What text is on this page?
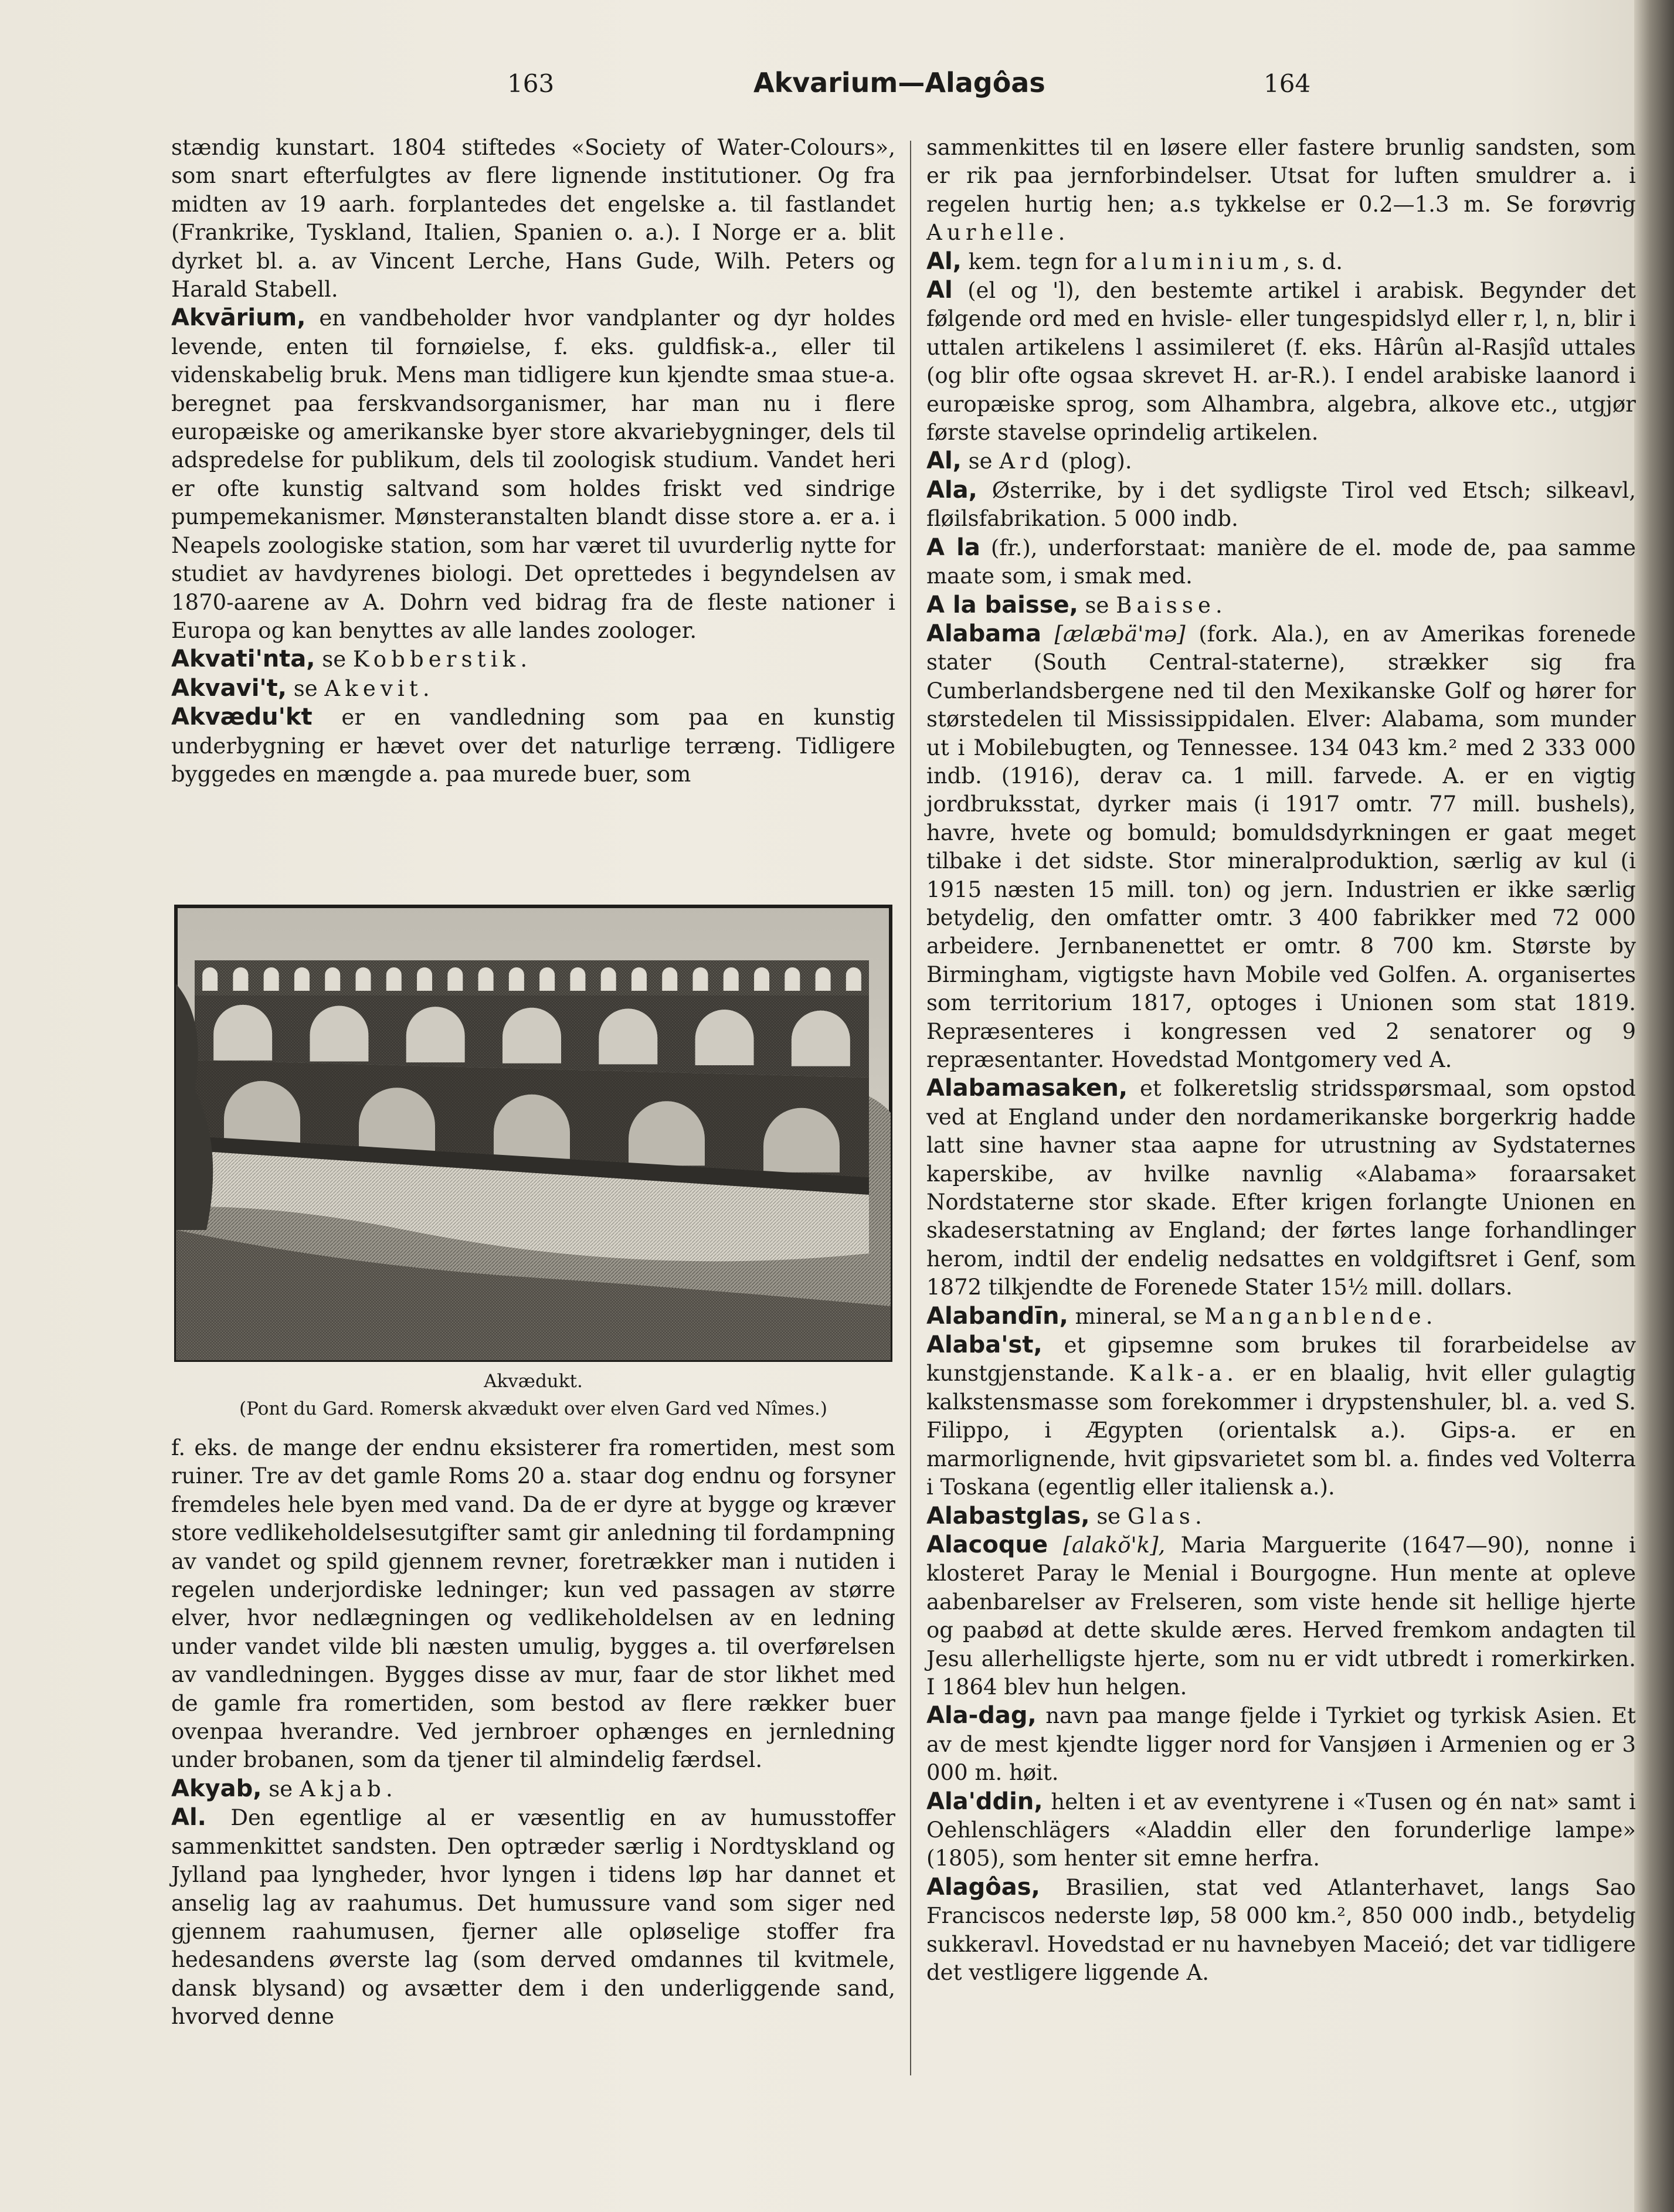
163	Akvarium—Alagôas	164

stændig kunstart. 1804 stiftedes «Society of Water-Colours», som snart efterfulgtes av flere lignende institutioner. Og fra midten av 19 aarh. forplantedes det engelske a. til fastlandet (Frankrike, Tyskland, Italien, Spanien o. a.). I Norge er a. blit dyrket bl. a. av Vincent Lerche, Hans Gude, Wilh. Peters og Harald Stabell.

Akvārium, en vandbeholder hvor vandplanter og dyr holdes levende, enten til fornøielse, f. eks. guldfisk-a., eller til videnskabelig bruk. Mens man tidligere kun kjendte smaa stue-a. beregnet paa ferskvandsorganismer, har man nu i flere europæiske og amerikanske byer store akvariebygninger, dels til adspredelse for publikum, dels til zoologisk studium. Vandet heri er ofte kunstig saltvand som holdes friskt ved sindrige pumpemekanismer. Mønsteranstalten blandt disse store a. er a. i Neapels zoologiske station, som har været til uvurderlig nytte for studiet av havdyrenes biologi. Det oprettedes i begyndelsen av 1870-aarene av A. Dohrn ved bidrag fra de fleste nationer i Europa og kan benyttes av alle landes zoologer.

Akvati'nta, se Kobberstik.

Akvavi't, se Akevit.

Akvædu'kt er en vandledning som paa en kunstig underbygning er hævet over det naturlige terræng. Tidligere byggedes en mængde a. paa murede buer, som

Akvædukt.
(Pont du Gard. Romersk akvædukt over elven Gard ved Nîmes.)

f. eks. de mange der endnu eksisterer fra romertiden, mest som ruiner. Tre av det gamle Roms 20 a. staar dog endnu og forsyner fremdeles hele byen med vand. Da de er dyre at bygge og kræver store vedlikeholdelsesutgifter samt gir anledning til fordampning av vandet og spild gjennem revner, foretrækker man i nutiden i regelen underjordiske ledninger; kun ved passagen av større elver, hvor nedlægningen og vedlikeholdelsen av en ledning under vandet vilde bli næsten umulig, bygges a. til overførelsen av vandledningen. Bygges disse av mur, faar de stor likhet med de gamle fra romertiden, som bestod av flere rækker buer ovenpaa hverandre. Ved jernbroer ophænges en jernledning under brobanen, som da tjener til almindelig færdsel.

Akyab, se Akjab.

Al. Den egentlige al er væsentlig en av humusstoffer sammenkittet sandsten. Den optræder særlig i Nordtyskland og Jylland paa lyngheder, hvor lyngen i tidens løp har dannet et anselig lag av raahumus. Det humussure vand som siger ned gjennem raahumusen, fjerner alle opløselige stoffer fra hedesandens øverste lag (som derved omdannes til kvitmele, dansk blysand) og avsætter dem i den underliggende sand, hvorved denne

sammenkittes til en løsere eller fastere brunlig sandsten, som er rik paa jernforbindelser. Utsat for luften smuldrer a. i regelen hurtig hen; a.s tykkelse er 0.2—1.3 m. Se forøvrig Aurhelle.

Al, kem. tegn for aluminium, s. d.

Al (el og 'l), den bestemte artikel i arabisk. Begynder det følgende ord med en hvisle- eller tungespidslyd eller r, l, n, blir i uttalen artikelens l assimileret (f. eks. Hârûn al-Rasjîd uttales (og blir ofte ogsaa skrevet H. ar-R.). I endel arabiske laanord i europæiske sprog, som Alhambra, algebra, alkove etc., utgjør første stavelse oprindelig artikelen.

Al, se Ard (plog).

Ala, Østerrike, by i det sydligste Tirol ved Etsch; silkeavl, fløilsfabrikation. 5 000 indb.

A la (fr.), underforstaat: manière de el. mode de, paa samme maate som, i smak med.

A la baisse, se Baisse.

Alabama [ælæbä'mə] (fork. Ala.), en av Amerikas forenede stater (South Central-staterne), strækker sig fra Cumberlandsbergene ned til den Mexikanske Golf og hører for størstedelen til Mississippidalen. Elver: Alabama, som munder ut i Mobilebugten, og Tennessee. 134 043 km.² med 2 333 000 indb. (1916), derav ca. 1 mill. farvede. A. er en vigtig jordbruksstat, dyrker mais (i 1917 omtr. 77 mill. bushels), havre, hvete og bomuld; bomuldsdyrkningen er gaat meget tilbake i det sidste. Stor mineralproduktion, særlig av kul (i 1915 næsten 15 mill. ton) og jern. Industrien er ikke særlig betydelig, den omfatter omtr. 3 400 fabrikker med 72 000 arbeidere. Jernbanenettet er omtr. 8 700 km. Største by Birmingham, vigtigste havn Mobile ved Golfen. A. organisertes som territorium 1817, optoges i Unionen som stat 1819. Repræsenteres i kongressen ved 2 senatorer og 9 repræsentanter. Hovedstad Montgomery ved A.

Alabamasaken, et folkeretslig stridsspørsmaal, som opstod ved at England under den nordamerikanske borgerkrig hadde latt sine havner staa aapne for utrustning av Sydstaternes kaperskibe, av hvilke navnlig «Alabama» foraarsaket Nordstaterne stor skade. Efter krigen forlangte Unionen en skadeserstatning av England; der førtes lange forhandlinger herom, indtil der endelig nedsattes en voldgiftsret i Genf, som 1872 tilkjendte de Forenede Stater 15½ mill. dollars.

Alabandīn, mineral, se Manganblende.

Alaba'st, et gipsemne som brukes til forarbeidelse av kunstgjenstande. Kalk-a. er en blaalig, hvit eller gulagtig kalkstensmasse som forekommer i drypstenshuler, bl. a. ved S. Filippo, i Ægypten (orientalsk a.). Gips-a. er en marmorlignende, hvit gipsvarietet som bl. a. findes ved Volterra i Toskana (egentlig eller italiensk a.).

Alabastglas, se Glas.

Alacoque [alakŏ'k], Maria Marguerite (1647—90), nonne i klosteret Paray le Menial i Bourgogne. Hun mente at opleve aabenbarelser av Frelseren, som viste hende sit hellige hjerte og paabød at dette skulde æres. Herved fremkom andagten til Jesu allerhelligste hjerte, som nu er vidt utbredt i romerkirken. I 1864 blev hun helgen.

Ala-dag, navn paa mange fjelde i Tyrkiet og tyrkisk Asien. Et av de mest kjendte ligger nord for Vansjøen i Armenien og er 3 000 m. høit.

Ala'ddin, helten i et av eventyrene i «Tusen og én nat» samt i Oehlenschlägers «Aladdin eller den forunderlige lampe» (1805), som henter sit emne herfra.

Alagôas, Brasilien, stat ved Atlanterhavet, langs Sao Franciscos nederste løp, 58 000 km.², 850 000 indb., betydelig sukkeravl. Hovedstad er nu havnebyen Maceió; det var tidligere det vestligere liggende A.
